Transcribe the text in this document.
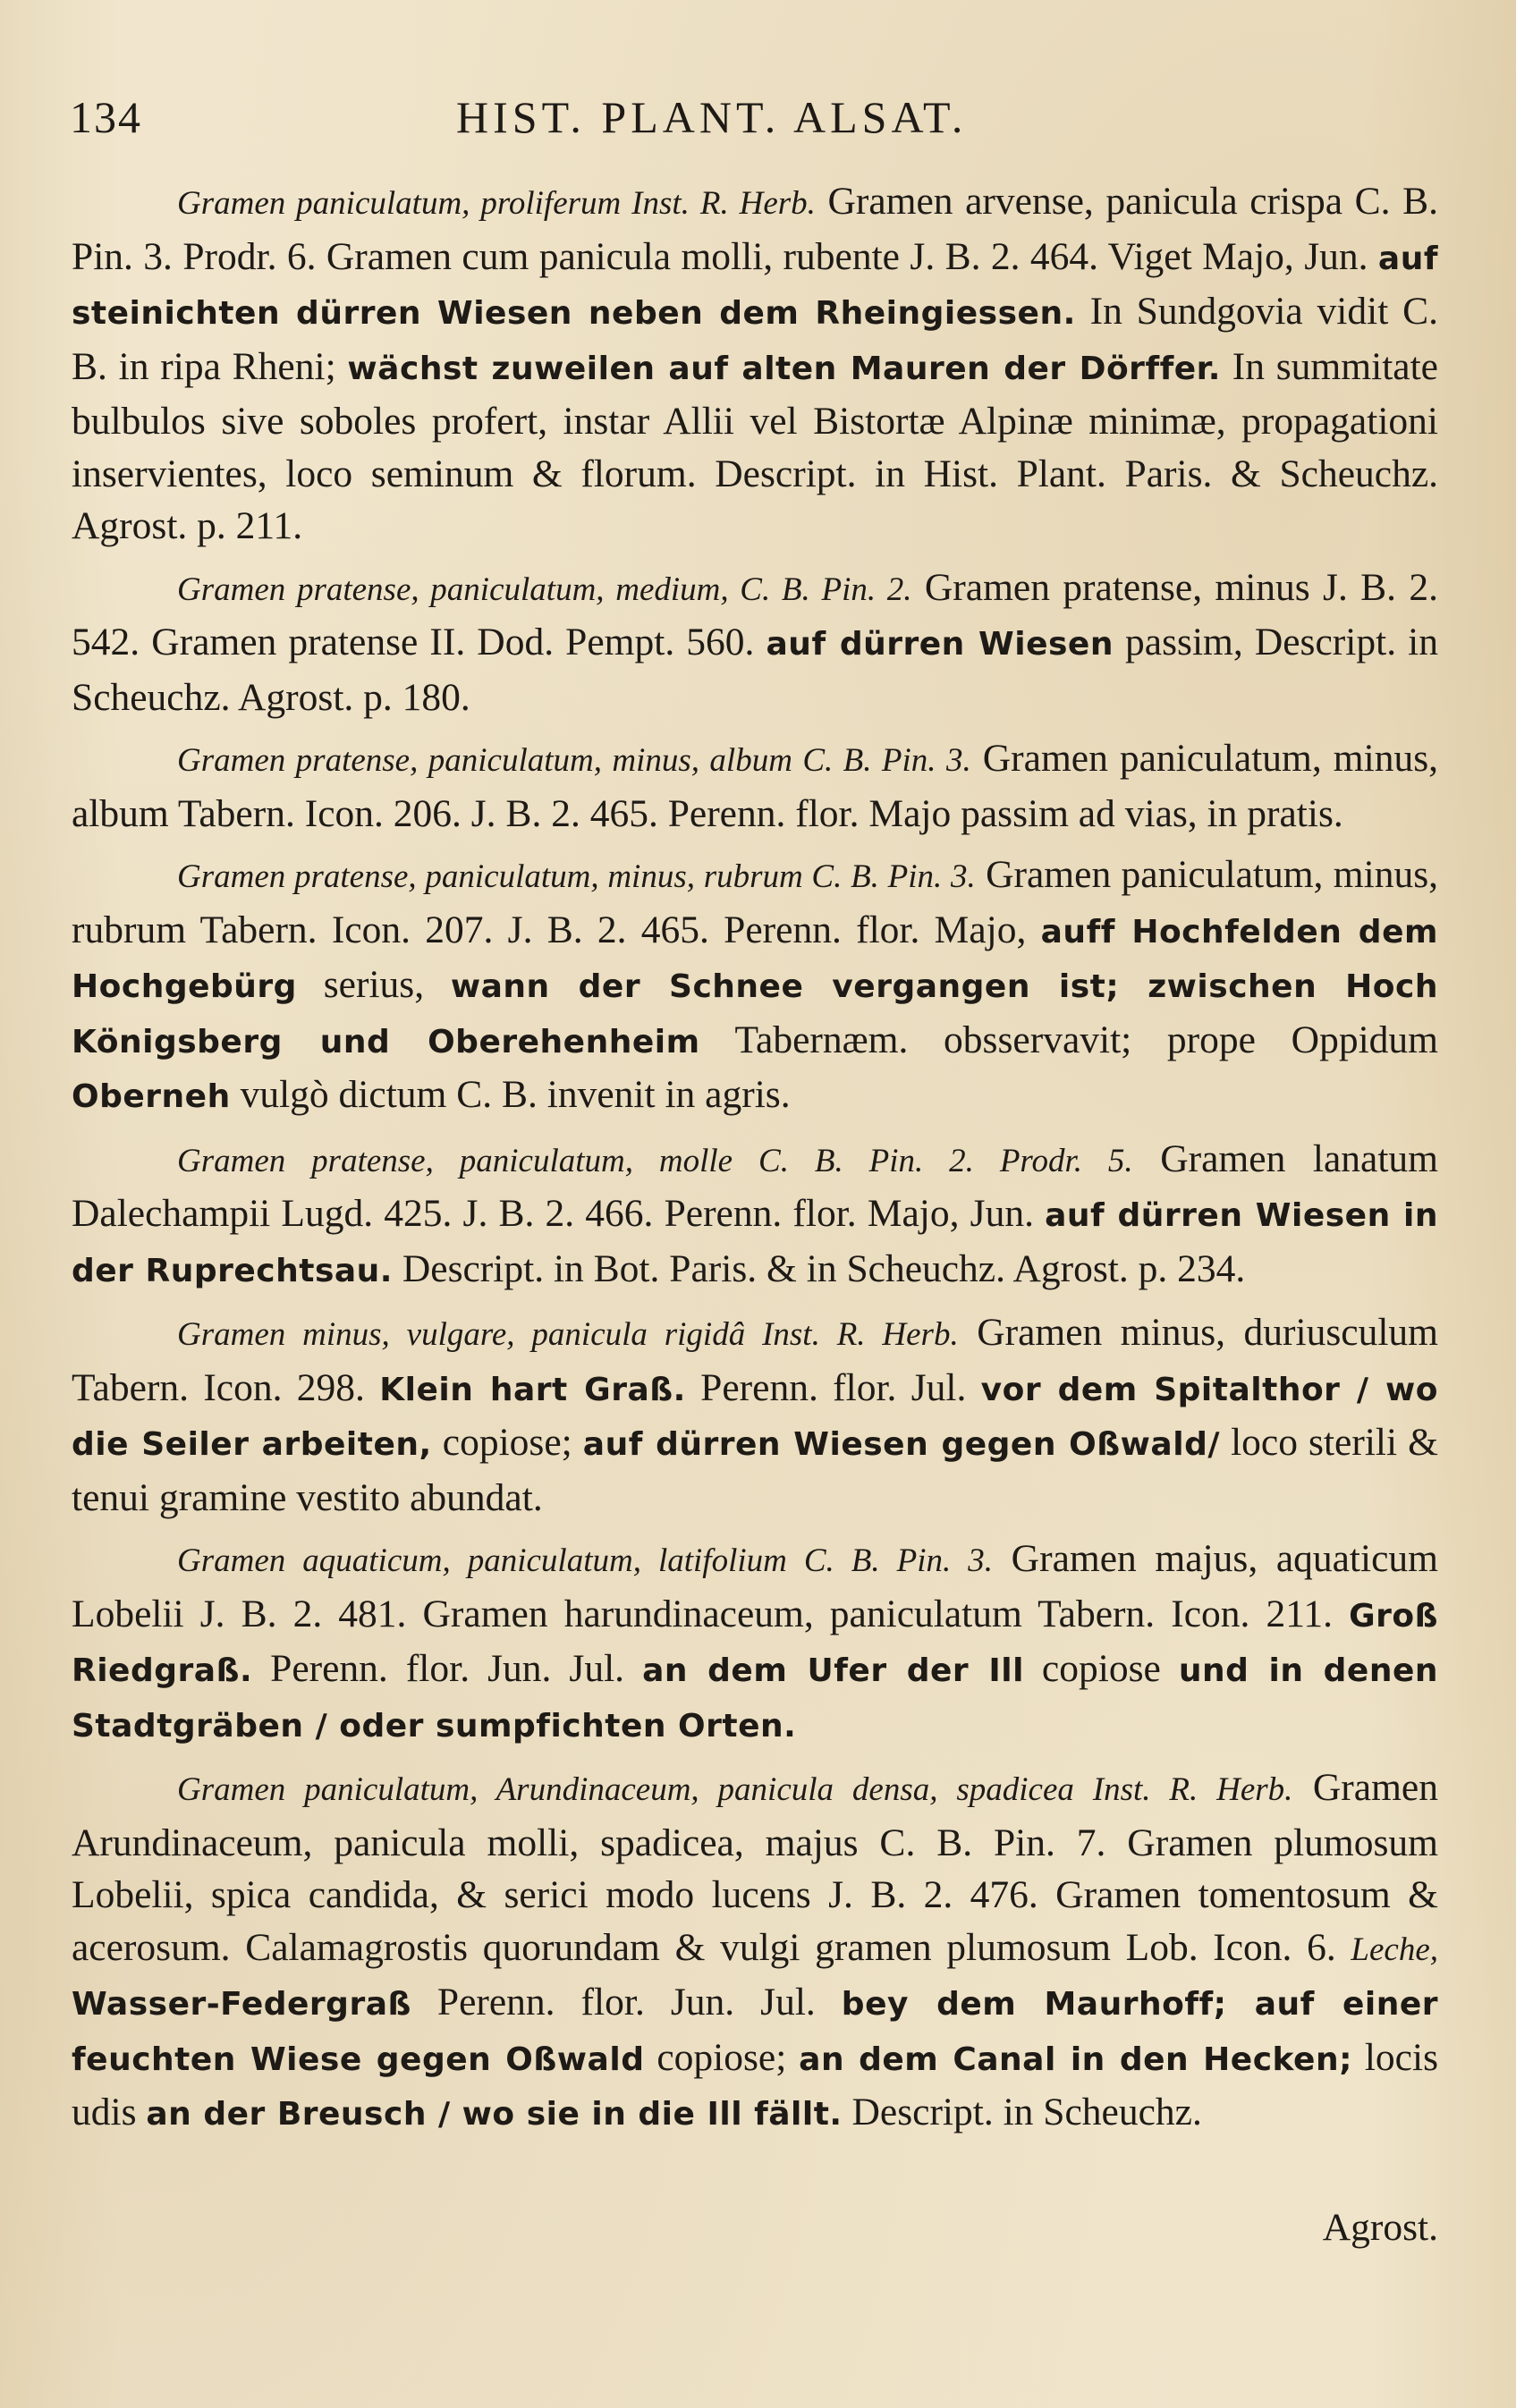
134	HIST. PLANT. ALSAT.

Gramen paniculatum, proliferum Inst. R. Herb. Gramen arvense, panicula crispa C. B. Pin. 3. Prodr. 6. Gramen cum panicula molli, rubente J. B. 2. 464. Viget Majo, Jun. auf steinichten dürren Wiesen neben dem Rheingiessen. In Sundgovia vidit C. B. in ripa Rheni; wächst zuweilen auf alten Mauren der Dörffer. In summitate bulbulos sive soboles profert, instar Allii vel Bistortæ Alpinæ minimæ, propagationi inservientes, loco seminum & florum. Descript. in Hist. Plant. Paris. & Scheuchz. Agrost. p. 211.

Gramen pratense, paniculatum, medium, C. B. Pin. 2. Gramen pratense, minus J. B. 2. 542. Gramen pratense II. Dod. Pempt. 560. auf dürren Wiesen passim, Descript. in Scheuchz. Agrost. p. 180.

Gramen pratense, paniculatum, minus, album C. B. Pin. 3. Gramen paniculatum, minus, album Tabern. Icon. 206. J. B. 2. 465. Perenn. flor. Majo passim ad vias, in pratis.

Gramen pratense, paniculatum, minus, rubrum C. B. Pin. 3. Gramen paniculatum, minus, rubrum Tabern. Icon. 207. J. B. 2. 465. Perenn. flor. Majo, auff Hochfelden dem Hochgebürg serius, wann der Schnee vergangen ist; zwischen Hoch Königsberg und Oberehenheim Tabernæm. obsservavit; prope Oppidum Oberneh vulgò dictum C. B. invenit in agris.

Gramen pratense, paniculatum, molle C. B. Pin. 2. Prodr. 5. Gramen lanatum Dalechampii Lugd. 425. J. B. 2. 466. Perenn. flor. Majo, Jun. auf dürren Wiesen in der Ruprechtsau. Descript. in Bot. Paris. & in Scheuchz. Agrost. p. 234.

Gramen minus, vulgare, panicula rigidâ Inst. R. Herb. Gramen minus, duriusculum Tabern. Icon. 298. Klein hart Graß. Perenn. flor. Jul. vor dem Spitalthor / wo die Seiler arbeiten, copiose; auf dürren Wiesen gegen Oßwald/ loco sterili & tenui gramine vestito abundat.

Gramen aquaticum, paniculatum, latifolium C. B. Pin. 3. Gramen majus, aquaticum Lobelii J. B. 2. 481. Gramen harundinaceum, paniculatum Tabern. Icon. 211. Groß Riedgraß. Perenn. flor. Jun. Jul. an dem Ufer der Ill copiose und in denen Stadtgräben / oder sumpfichten Orten.

Gramen paniculatum, Arundinaceum, panicula densa, spadicea Inst. R. Herb. Gramen Arundinaceum, panicula molli, spadicea, majus C. B. Pin. 7. Gramen plumosum Lobelii, spica candida, & serici modo lucens J. B. 2. 476. Gramen tomentosum & acerosum. Calamagrostis quorundam & vulgi gramen plumosum Lob. Icon. 6. Leche, Wasser-Federgraß Perenn. flor. Jun. Jul. bey dem Maurhoff; auf einer feuchten Wiese gegen Oßwald copiose; an dem Canal in den Hecken; locis udis an der Breusch / wo sie in die Ill fällt. Descript. in Scheuchz.

Agrost.
